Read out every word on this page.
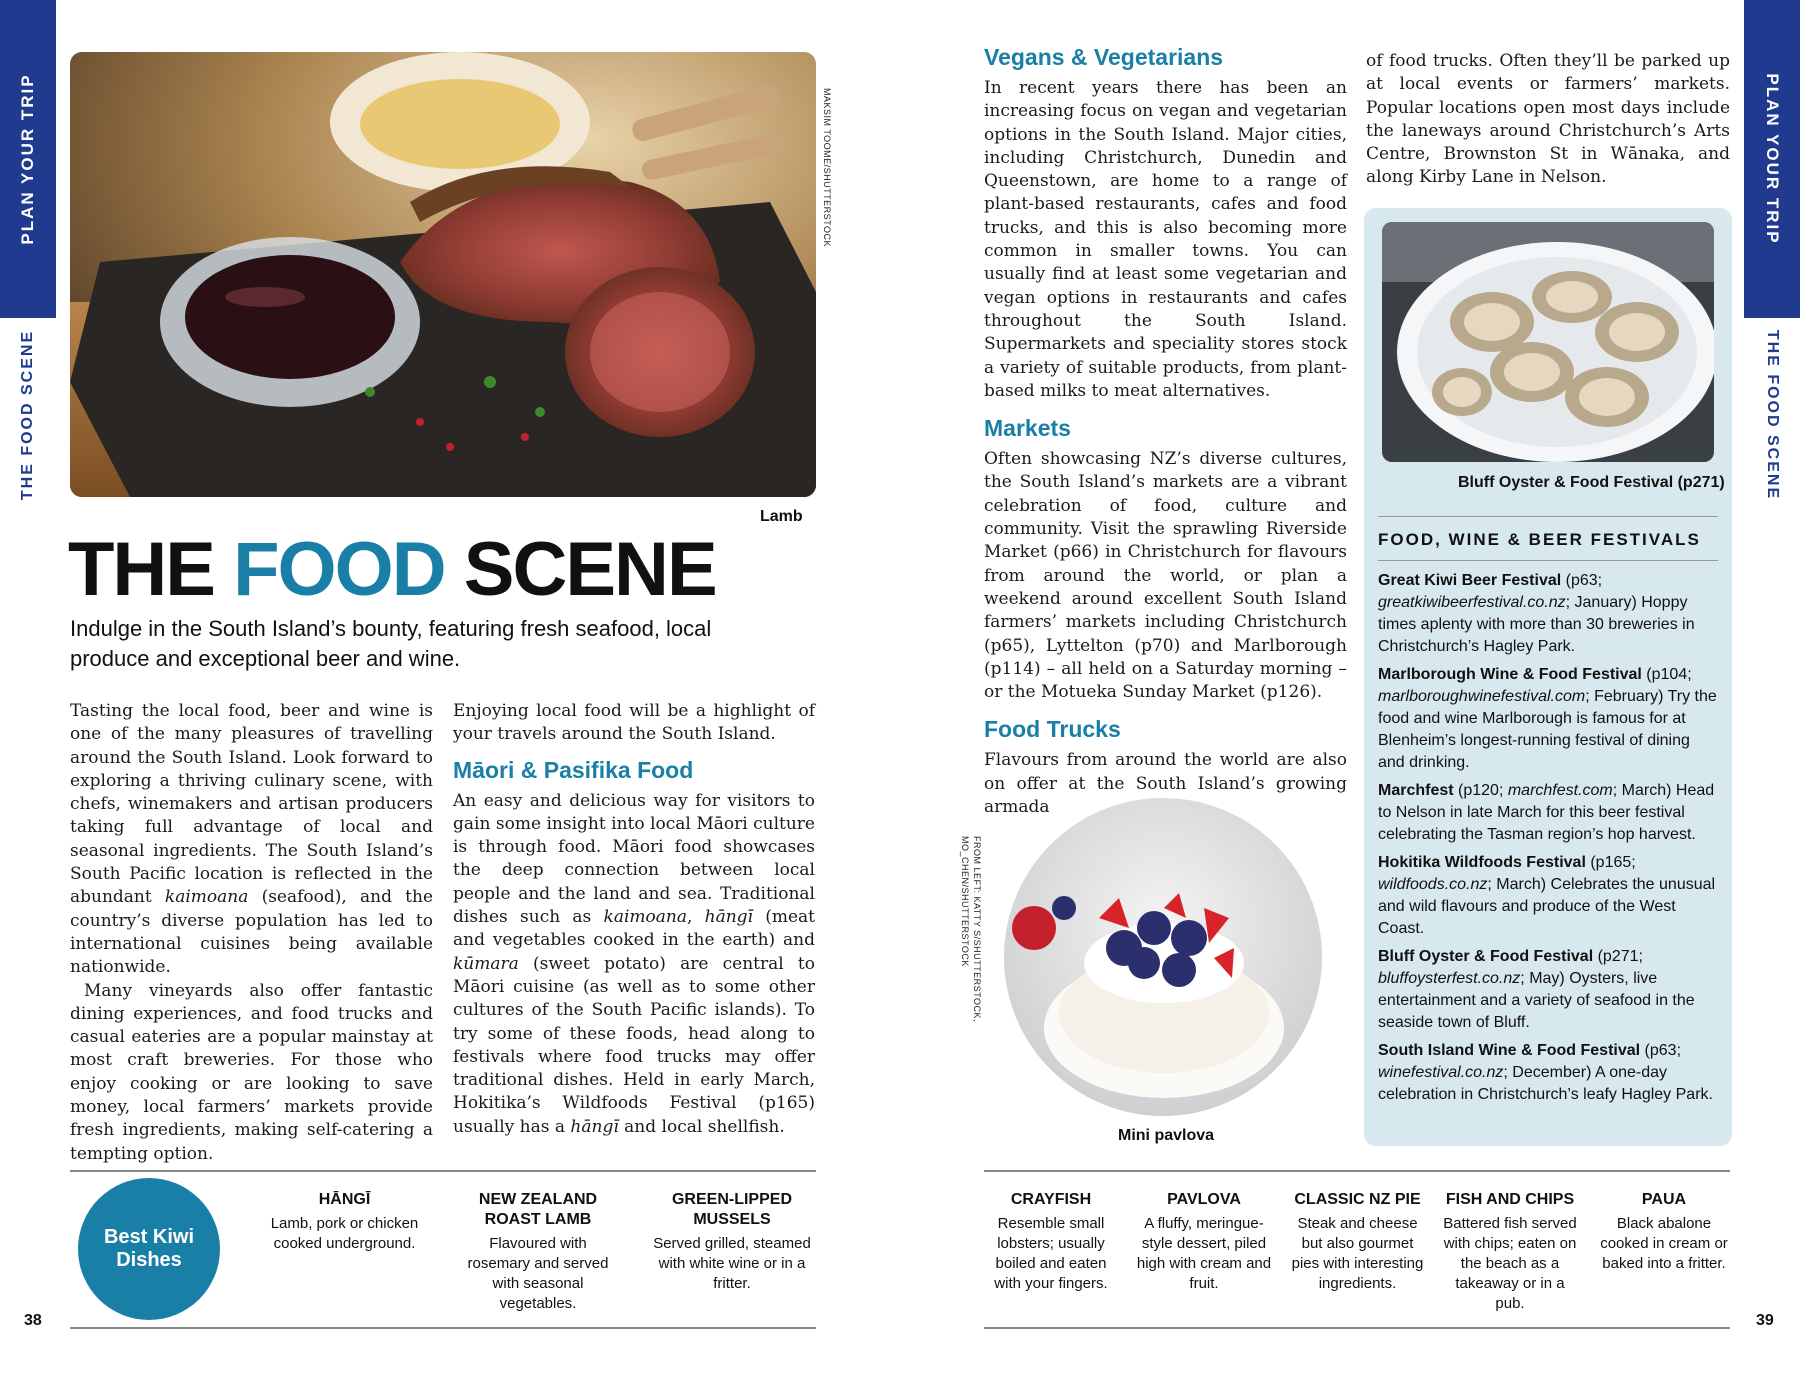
PLAN YOUR TRIP
THE FOOD SCENE
PLAN YOUR TRIP
THE FOOD SCENE
MAKSIM TOOME/SHUTTERSTOCK
Lamb
THE FOOD SCENE
Indulge in the South Island’s bounty, featuring fresh seafood, local produce and exceptional beer and wine.

Tasting the local food, beer and wine is one of the many pleasures of travelling around the South Island. Look forward to exploring a thriving culinary scene, with chefs, winemakers and artisan producers taking full advantage of local and seasonal ingredients. The South Island’s South Pacific location is reflected in the abundant kaimoana (seafood), and the country’s diverse population has led to international cuisines being available nationwide.

Many vineyards also offer fantastic dining experiences, and food trucks and casual eateries are a popular mainstay at most craft breweries. For those who enjoy cooking or are looking to save money, local farmers’ markets provide fresh ingredients, making self-catering a tempting option.

Enjoying local food will be a highlight of your travels around the South Island.

Māori & Pasifika Food

An easy and delicious way for visitors to gain some insight into local Māori culture is through food. Māori food showcases the deep connection between local people and the land and sea. Traditional dishes such as kaimoana, hāngī (meat and vegetables cooked in the earth) and kūmara (sweet potato) are central to Māori cuisine (as well as to some other cultures of the South Pacific islands). To try some of these foods, head along to festivals where food trucks may offer traditional dishes. Held in early March, Hokitika’s Wildfoods Festival (p165) usually has a hāngī and local shellfish.

Vegans & Vegetarians

In recent years there has been an increasing focus on vegan and vegetarian options in the South Island. Major cities, including Christchurch, Dunedin and Queenstown, are home to a range of plant-based restaurants, cafes and food trucks, and this is also becoming more common in smaller towns. You can usually find at least some vegetarian and vegan options in restaurants and cafes throughout the South Island. Supermarkets and speciality stores stock a variety of suitable products, from plant-based milks to meat alternatives.

Markets

Often showcasing NZ’s diverse cultures, the South Island’s markets are a vibrant celebration of food, culture and community. Visit the sprawling Riverside Market (p66) in Christchurch for flavours from around the world, or plan a weekend around excellent South Island farmers’ markets including Christchurch (p65), Lyttelton (p70) and Marlborough (p114) – all held on a Saturday morning – or the Motueka Sunday Market (p126).

Food Trucks

Flavours from around the world are also on offer at the South Island’s growing armada

of food trucks. Often they’ll be parked up at local events or farmers’ markets. Popular locations open most days include the laneways around Christchurch’s Arts Centre, Brownston St in Wānaka, and along Kirby Lane in Nelson.

FROM LEFT: KATTY S/SHUTTERSTOCK,
MO_CHEN/SHUTTERSTOCK
Mini pavlova
Bluff Oyster & Food Festival (p271)
FOOD, WINE & BEER FESTIVALS
Great Kiwi Beer Festival (p63; greatkiwibeerfestival.co.nz; January) Hoppy times aplenty with more than 30 breweries in Christchurch’s Hagley Park.
Marlborough Wine & Food Festival (p104; marlboroughwinefestival.com; February) Try the food and wine Marlborough is famous for at Blenheim’s longest-running festival of dining and drinking.
Marchfest (p120; marchfest.com; March) Head to Nelson in late March for this beer festival celebrating the Tasman region’s hop harvest.
Hokitika Wildfoods Festival (p165; wildfoods.co.nz; March) Celebrates the unusual and wild flavours and produce of the West Coast.
Bluff Oyster & Food Festival (p271; bluffoysterfest.co.nz; May) Oysters, live entertainment and a variety of seafood in the seaside town of Bluff.
South Island Wine & Food Festival (p63; winefestival.co.nz; December) A one-day celebration in Christchurch’s leafy Hagley Park.
Best Kiwi Dishes
HĀNGĪ
Lamb, pork or chicken cooked underground.
NEW ZEALAND ROAST LAMB
Flavoured with rosemary and served with seasonal vegetables.
GREEN-LIPPED MUSSELS
Served grilled, steamed with white wine or in a fritter.
CRAYFISH
Resemble small lobsters; usually boiled and eaten with your fingers.
PAVLOVA
A fluffy, meringue-style dessert, piled high with cream and fruit.
CLASSIC NZ PIE
Steak and cheese but also gourmet pies with interesting ingredients.
FISH AND CHIPS
Battered fish served with chips; eaten on the beach as a takeaway or in a pub.
PAUA
Black abalone cooked in cream or baked into a fritter.
38	39
